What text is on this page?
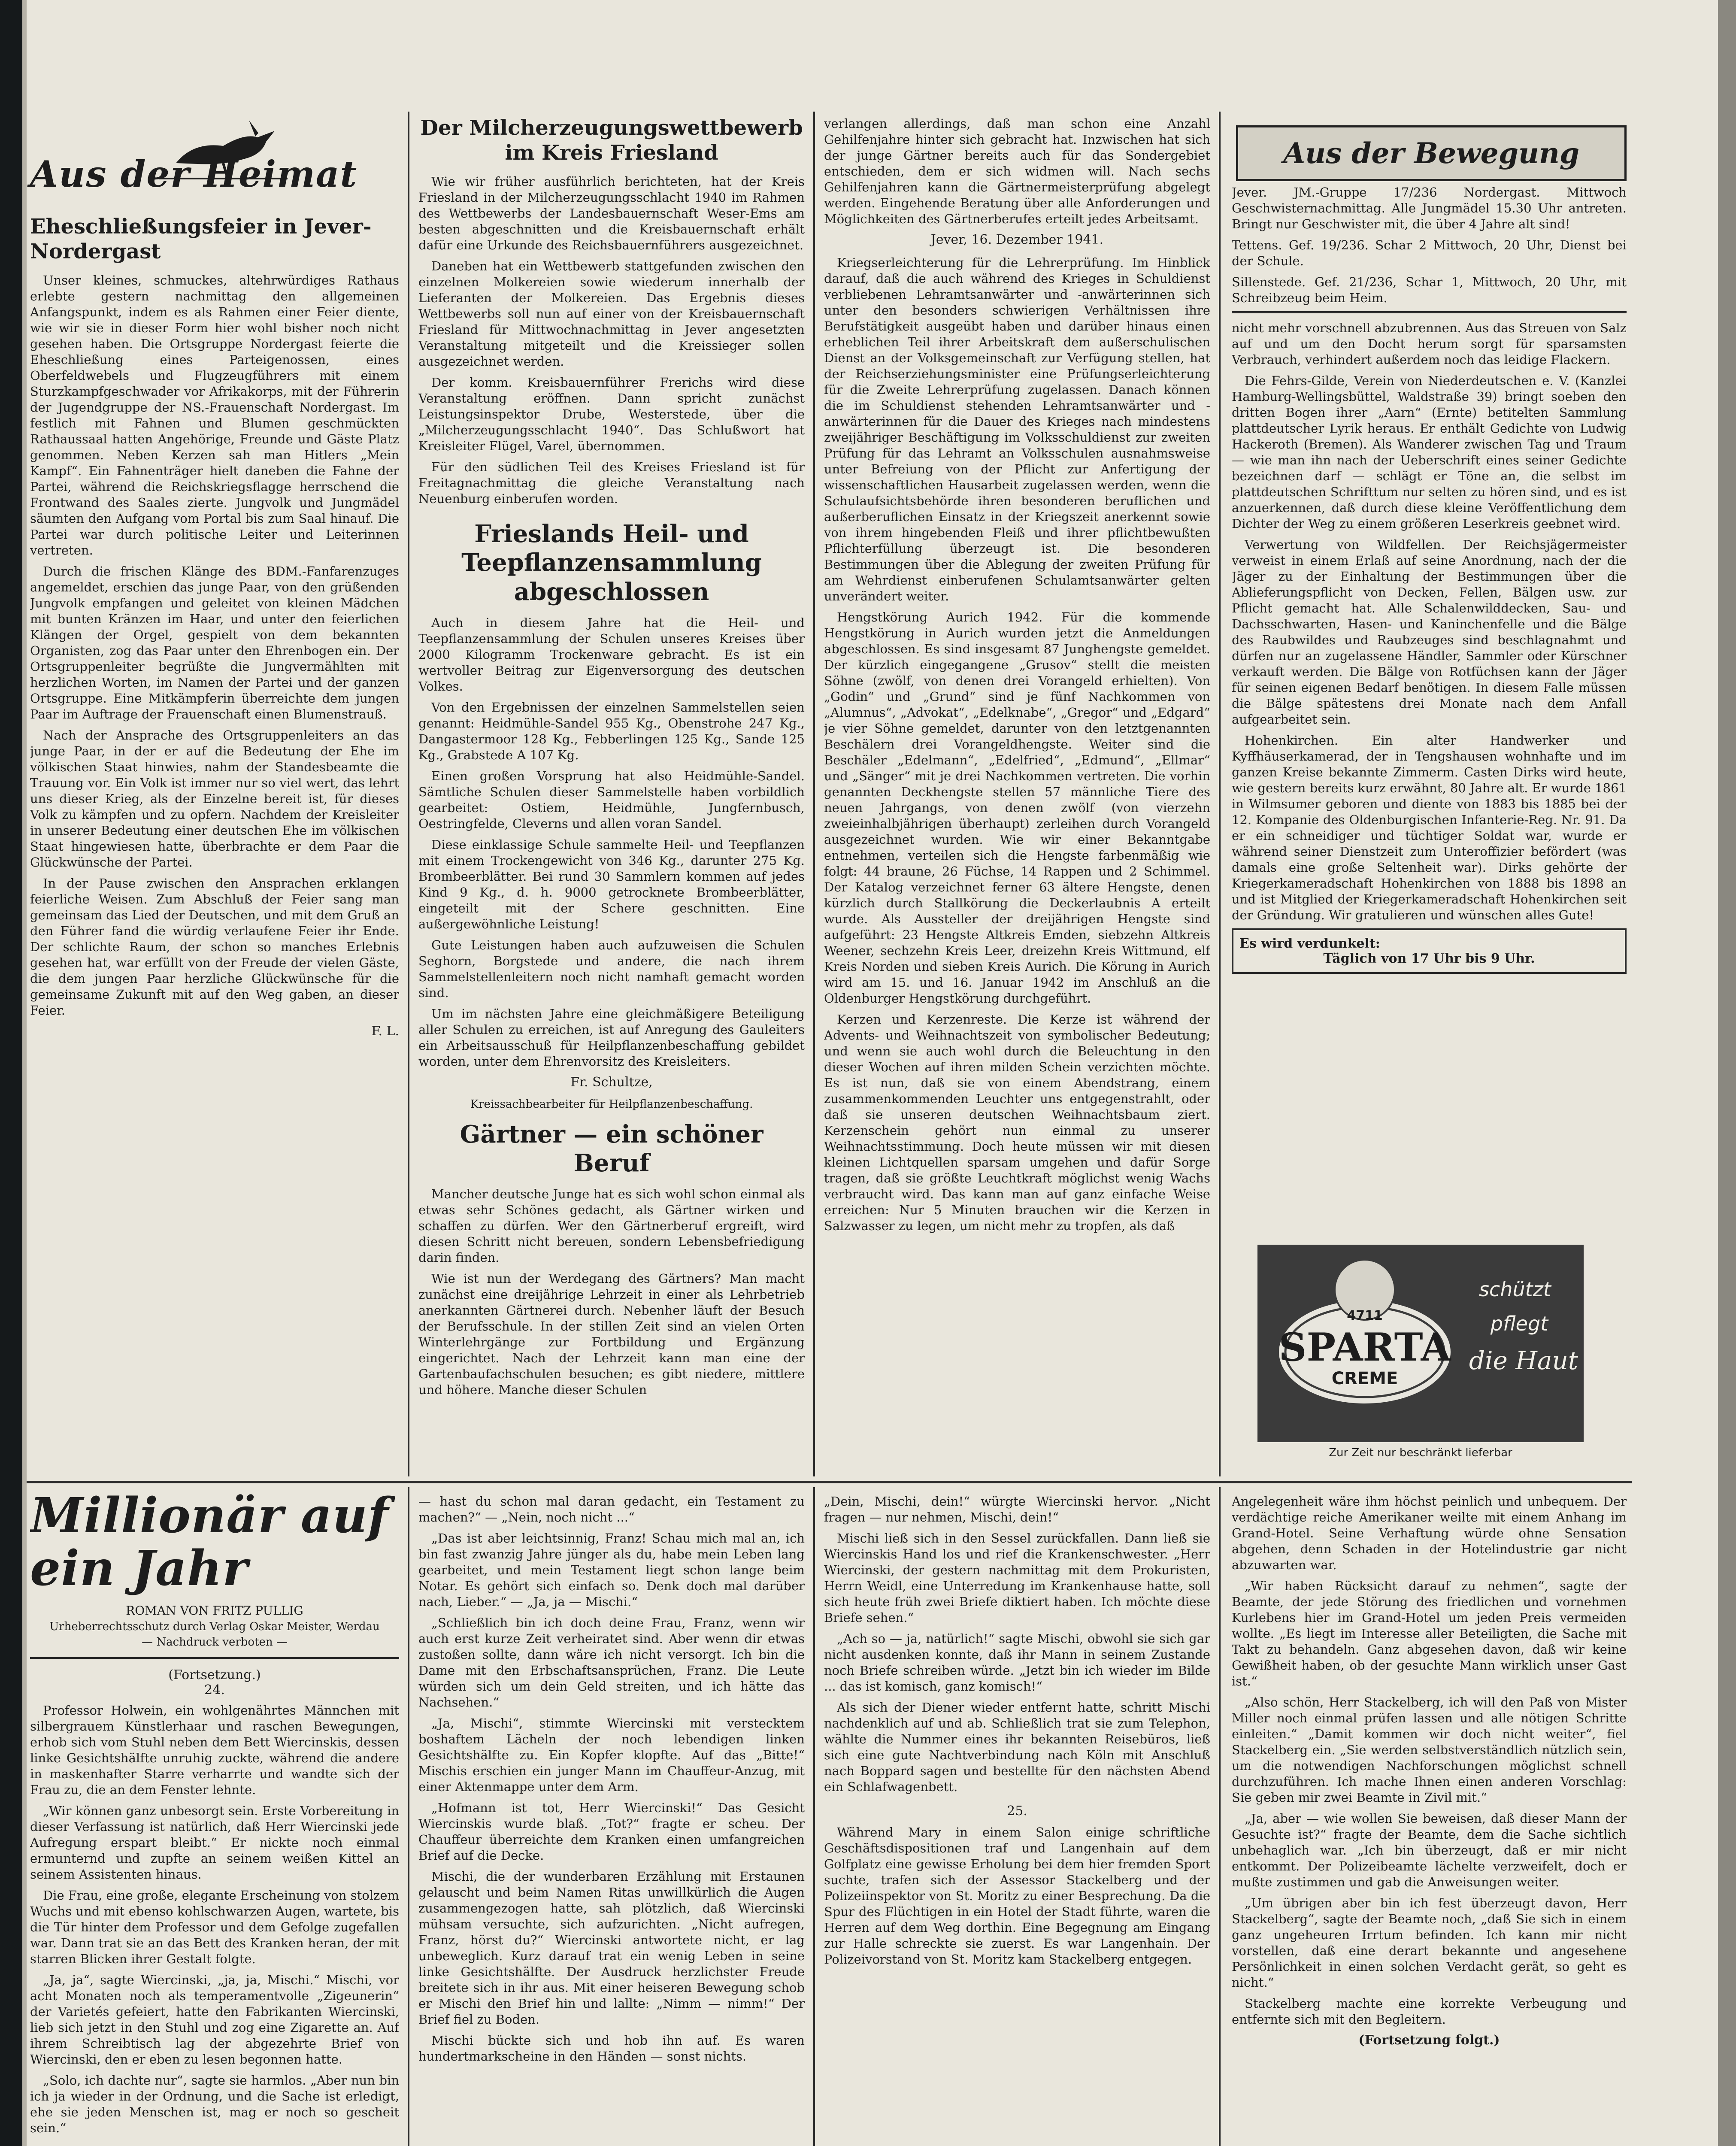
Aus der Heimat
Eheschließungsfeier in Jever-Nordergast

Unser kleines, schmuckes, altehrwürdiges Rathaus erlebte gestern nachmittag den allgemeinen Anfangspunkt, indem es als Rahmen einer Feier diente, wie wir sie in dieser Form hier wohl bisher noch nicht gesehen haben. Die Ortsgruppe Nordergast feierte die Eheschließung eines Parteigenossen, eines Oberfeldwebels und Flugzeugführers mit einem Sturzkampfgeschwader vor Afrikakorps, mit der Führerin der Jugendgruppe der NS.-Frauenschaft Nordergast. Im festlich mit Fahnen und Blumen geschmückten Rathaussaal hatten Angehörige, Freunde und Gäste Platz genommen. Neben Kerzen sah man Hitlers „Mein Kampf“. Ein Fahnenträger hielt daneben die Fahne der Partei, während die Reichskriegsflagge herrschend die Frontwand des Saales zierte. Jungvolk und Jungmädel säumten den Aufgang vom Portal bis zum Saal hinauf. Die Partei war durch politische Leiter und Leiterinnen vertreten.

Durch die frischen Klänge des BDM.-Fanfarenzuges angemeldet, erschien das junge Paar, von den grüßenden Jungvolk empfangen und geleitet von kleinen Mädchen mit bunten Kränzen im Haar, und unter den feierlichen Klängen der Orgel, gespielt von dem bekannten Organisten, zog das Paar unter den Ehrenbogen ein. Der Ortsgruppenleiter begrüßte die Jungvermählten mit herzlichen Worten, im Namen der Partei und der ganzen Ortsgruppe. Eine Mitkämpferin überreichte dem jungen Paar im Auftrage der Frauenschaft einen Blumenstrauß.

Nach der Ansprache des Ortsgruppenleiters an das junge Paar, in der er auf die Bedeutung der Ehe im völkischen Staat hinwies, nahm der Standesbeamte die Trauung vor. Ein Volk ist immer nur so viel wert, das lehrt uns dieser Krieg, als der Einzelne bereit ist, für dieses Volk zu kämpfen und zu opfern. Nachdem der Kreisleiter in unserer Bedeutung einer deutschen Ehe im völkischen Staat hingewiesen hatte, überbrachte er dem Paar die Glückwünsche der Partei.

In der Pause zwischen den Ansprachen erklangen feierliche Weisen. Zum Abschluß der Feier sang man gemeinsam das Lied der Deutschen, und mit dem Gruß an den Führer fand die würdig verlaufene Feier ihr Ende. Der schlichte Raum, der schon so manches Erlebnis gesehen hat, war erfüllt von der Freude der vielen Gäste, die dem jungen Paar herzliche Glückwünsche für die gemeinsame Zukunft mit auf den Weg gaben, an dieser Feier.

F. L.
Der Milcherzeugungswettbewerb im Kreis Friesland

Wie wir früher ausführlich berichteten, hat der Kreis Friesland in der Milcherzeugungsschlacht 1940 im Rahmen des Wettbewerbs der Landesbauernschaft Weser-Ems am besten abgeschnitten und die Kreisbauernschaft erhält dafür eine Urkunde des Reichsbauernführers ausgezeichnet.

Daneben hat ein Wettbewerb stattgefunden zwischen den einzelnen Molkereien sowie wiederum innerhalb der Lieferanten der Molkereien. Das Ergebnis dieses Wettbewerbs soll nun auf einer von der Kreisbauernschaft Friesland für Mittwochnachmittag in Jever angesetzten Veranstaltung mitgeteilt und die Kreissieger sollen ausgezeichnet werden.

Der komm. Kreisbauernführer Frerichs wird diese Veranstaltung eröffnen. Dann spricht zunächst Leistungsinspektor Drube, Westerstede, über die „Milcherzeugungsschlacht 1940“. Das Schlußwort hat Kreisleiter Flügel, Varel, übernommen.

Für den südlichen Teil des Kreises Friesland ist für Freitagnachmittag die gleiche Veranstaltung nach Neuenburg einberufen worden.

Frieslands Heil- und Teepflanzensammlung abgeschlossen

Auch in diesem Jahre hat die Heil- und Teepflanzensammlung der Schulen unseres Kreises über 2000 Kilogramm Trockenware gebracht. Es ist ein wertvoller Beitrag zur Eigenversorgung des deutschen Volkes.

Von den Ergebnissen der einzelnen Sammelstellen seien genannt: Heidmühle-Sandel 955 Kg., Obenstrohe 247 Kg., Dangastermoor 128 Kg., Febberlingen 125 Kg., Sande 125 Kg., Grabstede A 107 Kg.

Einen großen Vorsprung hat also Heidmühle-Sandel. Sämtliche Schulen dieser Sammelstelle haben vorbildlich gearbeitet: Ostiem, Heidmühle, Jungfernbusch, Oestringfelde, Cleverns und allen voran Sandel.

Diese einklassige Schule sammelte Heil- und Teepflanzen mit einem Trockengewicht von 346 Kg., darunter 275 Kg. Brombeerblätter. Bei rund 30 Sammlern kommen auf jedes Kind 9 Kg., d. h. 9000 getrocknete Brombeerblätter, eingeteilt mit der Schere geschnitten. Eine außergewöhnliche Leistung!

Gute Leistungen haben auch aufzuweisen die Schulen Seghorn, Borgstede und andere, die nach ihrem Sammelstellenleitern noch nicht namhaft gemacht worden sind.

Um im nächsten Jahre eine gleichmäßigere Beteiligung aller Schulen zu erreichen, ist auf Anregung des Gauleiters ein Arbeitsausschuß für Heilpflanzenbeschaffung gebildet worden, unter dem Ehrenvorsitz des Kreisleiters.

Fr. Schultze,
Kreissachbearbeiter für Heilpflanzenbeschaffung.
Gärtner — ein schöner Beruf

Mancher deutsche Junge hat es sich wohl schon einmal als etwas sehr Schönes gedacht, als Gärtner wirken und schaffen zu dürfen. Wer den Gärtnerberuf ergreift, wird diesen Schritt nicht bereuen, sondern Lebensbefriedigung darin finden.

Wie ist nun der Werdegang des Gärtners? Man macht zunächst eine dreijährige Lehrzeit in einer als Lehrbetrieb anerkannten Gärtnerei durch. Nebenher läuft der Besuch der Berufsschule. In der stillen Zeit sind an vielen Orten Winterlehrgänge zur Fortbildung und Ergänzung eingerichtet. Nach der Lehrzeit kann man eine der Gartenbaufachschulen besuchen; es gibt niedere, mittlere und höhere. Manche dieser Schulen

verlangen allerdings, daß man schon eine Anzahl Gehilfenjahre hinter sich gebracht hat. Inzwischen hat sich der junge Gärtner bereits auch für das Sondergebiet entschieden, dem er sich widmen will. Nach sechs Gehilfenjahren kann die Gärtnermeisterprüfung abgelegt werden. Eingehende Beratung über alle Anforderungen und Möglichkeiten des Gärtnerberufes erteilt jedes Arbeitsamt.

Jever, 16. Dezember 1941.

Kriegserleichterung für die Lehrerprüfung. Im Hinblick darauf, daß die auch während des Krieges in Schuldienst verbliebenen Lehramtsanwärter und -anwärterinnen sich unter den besonders schwierigen Verhältnissen ihre Berufstätigkeit ausgeübt haben und darüber hinaus einen erheblichen Teil ihrer Arbeitskraft dem außerschulischen Dienst an der Volksgemeinschaft zur Verfügung stellen, hat der Reichserziehungsminister eine Prüfungserleichterung für die Zweite Lehrerprüfung zugelassen. Danach können die im Schuldienst stehenden Lehramtsanwärter und -anwärterinnen für die Dauer des Krieges nach mindestens zweijähriger Beschäftigung im Volksschuldienst zur zweiten Prüfung für das Lehramt an Volksschulen ausnahmsweise unter Befreiung von der Pflicht zur Anfertigung der wissenschaftlichen Hausarbeit zugelassen werden, wenn die Schulaufsichtsbehörde ihren besonderen beruflichen und außerberuflichen Einsatz in der Kriegszeit anerkennt sowie von ihrem hingebenden Fleiß und ihrer pflichtbewußten Pflichterfüllung überzeugt ist. Die besonderen Bestimmungen über die Ablegung der zweiten Prüfung für am Wehrdienst einberufenen Schulamtsanwärter gelten unverändert weiter.

Hengstkörung Aurich 1942. Für die kommende Hengstkörung in Aurich wurden jetzt die Anmeldungen abgeschlossen. Es sind insgesamt 87 Junghengste gemeldet. Der kürzlich eingegangene „Grusov“ stellt die meisten Söhne (zwölf, von denen drei Vorangeld erhielten). Von „Godin“ und „Grund“ sind je fünf Nachkommen von „Alumnus“, „Advokat“, „Edelknabe“, „Gregor“ und „Edgard“ je vier Söhne gemeldet, darunter von den letztgenannten Beschälern drei Vorangeldhengste. Weiter sind die Beschäler „Edelmann“, „Edelfried“, „Edmund“, „Ellmar“ und „Sänger“ mit je drei Nachkommen vertreten. Die vorhin genannten Deckhengste stellen 57 männliche Tiere des neuen Jahrgangs, von denen zwölf (von vierzehn zweieinhalbjährigen überhaupt) zerleihen durch Vorangeld ausgezeichnet wurden. Wie wir einer Bekanntgabe entnehmen, verteilen sich die Hengste farbenmäßig wie folgt: 44 braune, 26 Füchse, 14 Rappen und 2 Schimmel. Der Katalog verzeichnet ferner 63 ältere Hengste, denen kürzlich durch Stallkörung die Deckerlaubnis A erteilt wurde. Als Aussteller der dreijährigen Hengste sind aufgeführt: 23 Hengste Altkreis Emden, siebzehn Altkreis Weener, sechzehn Kreis Leer, dreizehn Kreis Wittmund, elf Kreis Norden und sieben Kreis Aurich. Die Körung in Aurich wird am 15. und 16. Januar 1942 im Anschluß an die Oldenburger Hengstkörung durchgeführt.

Kerzen und Kerzenreste. Die Kerze ist während der Advents- und Weihnachtszeit von symbolischer Bedeutung; und wenn sie auch wohl durch die Beleuchtung in den dieser Wochen auf ihren milden Schein verzichten möchte. Es ist nun, daß sie von einem Abendstrang, einem zusammenkommenden Leuchter uns entgegenstrahlt, oder daß sie unseren deutschen Weihnachtsbaum ziert. Kerzenschein gehört nun einmal zu unserer Weihnachtsstimmung. Doch heute müssen wir mit diesen kleinen Lichtquellen sparsam umgehen und dafür Sorge tragen, daß sie größte Leuchtkraft möglichst wenig Wachs verbraucht wird. Das kann man auf ganz einfache Weise erreichen: Nur 5 Minuten brauchen wir die Kerzen in Salzwasser zu legen, um nicht mehr zu tropfen, als daß

Aus der Bewegung

Jever. JM.-Gruppe 17/236 Nordergast. Mittwoch Geschwisternachmittag. Alle Jungmädel 15.30 Uhr antreten. Bringt nur Geschwister mit, die über 4 Jahre alt sind!

Tettens. Gef. 19/236. Schar 2 Mittwoch, 20 Uhr, Dienst bei der Schule.

Sillenstede. Gef. 21/236, Schar 1, Mittwoch, 20 Uhr, mit Schreibzeug beim Heim.

nicht mehr vorschnell abzubrennen. Aus das Streuen von Salz auf und um den Docht herum sorgt für sparsamsten Verbrauch, verhindert außerdem noch das leidige Flackern.

Die Fehrs-Gilde, Verein von Niederdeutschen e. V. (Kanzlei Hamburg-Wellingsbüttel, Waldstraße 39) bringt soeben den dritten Bogen ihrer „Aarn“ (Ernte) betitelten Sammlung plattdeutscher Lyrik heraus. Er enthält Gedichte von Ludwig Hackeroth (Bremen). Als Wanderer zwischen Tag und Traum — wie man ihn nach der Ueberschrift eines seiner Gedichte bezeichnen darf — schlägt er Töne an, die selbst im plattdeutschen Schrifttum nur selten zu hören sind, und es ist anzuerkennen, daß durch diese kleine Veröffentlichung dem Dichter der Weg zu einem größeren Leserkreis geebnet wird.

Verwertung von Wildfellen. Der Reichsjägermeister verweist in einem Erlaß auf seine Anordnung, nach der die Jäger zu der Einhaltung der Bestimmungen über die Ablieferungspflicht von Decken, Fellen, Bälgen usw. zur Pflicht gemacht hat. Alle Schalenwilddecken, Sau- und Dachsschwarten, Hasen- und Kaninchenfelle und die Bälge des Raubwildes und Raubzeuges sind beschlagnahmt und dürfen nur an zugelassene Händler, Sammler oder Kürschner verkauft werden. Die Bälge von Rotfüchsen kann der Jäger für seinen eigenen Bedarf benötigen. In diesem Falle müssen die Bälge spätestens drei Monate nach dem Anfall aufgearbeitet sein.

Hohenkirchen. Ein alter Handwerker und Kyffhäuserkamerad, der in Tengshausen wohnhafte und im ganzen Kreise bekannte Zimmerm. Casten Dirks wird heute, wie gestern bereits kurz erwähnt, 80 Jahre alt. Er wurde 1861 in Wilmsumer geboren und diente von 1883 bis 1885 bei der 12. Kompanie des Oldenburgischen Infanterie-Reg. Nr. 91. Da er ein schneidiger und tüchtiger Soldat war, wurde er während seiner Dienstzeit zum Unteroffizier befördert (was damals eine große Seltenheit war). Dirks gehörte der Kriegerkameradschaft Hohenkirchen von 1888 bis 1898 an und ist Mitglied der Kriegerkameradschaft Hohenkirchen seit der Gründung. Wir gratulieren und wünschen alles Gute!

Es wird verdunkelt:
Täglich von 17 Uhr bis 9 Uhr.
4711
SPARTA
CREME
schützt
pflegt
die Haut
Zur Zeit nur beschränkt lieferbar
Millionär auf ein Jahr
ROMAN VON FRITZ PULLIG
Urheberrechtsschutz durch Verlag Oskar Meister, Werdau
— Nachdruck verboten —
(Fortsetzung.)
24.

Professor Holwein, ein wohlgenährtes Männchen mit silbergrauem Künstlerhaar und raschen Bewegungen, erhob sich vom Stuhl neben dem Bett Wiercinskis, dessen linke Gesichtshälfte unruhig zuckte, während die andere in maskenhafter Starre verharrte und wandte sich der Frau zu, die an dem Fenster lehnte.

„Wir können ganz unbesorgt sein. Erste Vorbereitung in dieser Verfassung ist natürlich, daß Herr Wiercinski jede Aufregung erspart bleibt.“ Er nickte noch einmal ermunternd und zupfte an seinem weißen Kittel an seinem Assistenten hinaus.

Die Frau, eine große, elegante Erscheinung von stolzem Wuchs und mit ebenso kohlschwarzen Augen, wartete, bis die Tür hinter dem Professor und dem Gefolge zugefallen war. Dann trat sie an das Bett des Kranken heran, der mit starren Blicken ihrer Gestalt folgte.

„Ja, ja“, sagte Wiercinski, „ja, ja, Mischi.“ Mischi, vor acht Monaten noch als temperamentvolle „Zigeunerin“ der Varietés gefeiert, hatte den Fabrikanten Wiercinski, lieb sich jetzt in den Stuhl und zog eine Zigarette an. Auf ihrem Schreibtisch lag der abgezehrte Brief von Wiercinski, den er eben zu lesen begonnen hatte.

„Solo, ich dachte nur“, sagte sie harmlos. „Aber nun bin ich ja wieder in der Ordnung, und die Sache ist erledigt, ehe sie jeden Menschen ist, mag er noch so gescheit sein.“

— hast du schon mal daran gedacht, ein Testament zu machen?“ — „Nein, noch nicht ...“

„Das ist aber leichtsinnig, Franz! Schau mich mal an, ich bin fast zwanzig Jahre jünger als du, habe mein Leben lang gearbeitet, und mein Testament liegt schon lange beim Notar. Es gehört sich einfach so. Denk doch mal darüber nach, Lieber.“ — „Ja, ja — Mischi.“

„Schließlich bin ich doch deine Frau, Franz, wenn wir auch erst kurze Zeit verheiratet sind. Aber wenn dir etwas zustoßen sollte, dann wäre ich nicht versorgt. Ich bin die Dame mit den Erbschaftsansprüchen, Franz. Die Leute würden sich um dein Geld streiten, und ich hätte das Nachsehen.“

„Ja, Mischi“, stimmte Wiercinski mit verstecktem boshaftem Lächeln der noch lebendigen linken Gesichtshälfte zu. Ein Kopfer klopfte. Auf das „Bitte!“ Mischis erschien ein junger Mann im Chauffeur-Anzug, mit einer Aktenmappe unter dem Arm.

„Hofmann ist tot, Herr Wiercinski!“ Das Gesicht Wiercinskis wurde blaß. „Tot?“ fragte er scheu. Der Chauffeur überreichte dem Kranken einen umfangreichen Brief auf die Decke.

Mischi, die der wunderbaren Erzählung mit Erstaunen gelauscht und beim Namen Ritas unwillkürlich die Augen zusammengezogen hatte, sah plötzlich, daß Wiercinski mühsam versuchte, sich aufzurichten. „Nicht aufregen, Franz, hörst du?“ Wiercinski antwortete nicht, er lag unbeweglich. Kurz darauf trat ein wenig Leben in seine linke Gesichtshälfte. Der Ausdruck herzlichster Freude breitete sich in ihr aus. Mit einer heiseren Bewegung schob er Mischi den Brief hin und lallte: „Nimm — nimm!“ Der Brief fiel zu Boden.

Mischi bückte sich und hob ihn auf. Es waren hundertmarkscheine in den Händen — sonst nichts.

„Dein, Mischi, dein!“ würgte Wiercinski hervor. „Nicht fragen — nur nehmen, Mischi, dein!“

Mischi ließ sich in den Sessel zurückfallen. Dann ließ sie Wiercinskis Hand los und rief die Krankenschwester. „Herr Wiercinski, der gestern nachmittag mit dem Prokuristen, Herrn Weidl, eine Unterredung im Krankenhause hatte, soll sich heute früh zwei Briefe diktiert haben. Ich möchte diese Briefe sehen.“

„Ach so — ja, natürlich!“ sagte Mischi, obwohl sie sich gar nicht ausdenken konnte, daß ihr Mann in seinem Zustande noch Briefe schreiben würde. „Jetzt bin ich wieder im Bilde ... das ist komisch, ganz komisch!“

Als sich der Diener wieder entfernt hatte, schritt Mischi nachdenklich auf und ab. Schließlich trat sie zum Telephon, wählte die Nummer eines ihr bekannten Reisebüros, ließ sich eine gute Nachtverbindung nach Köln mit Anschluß nach Boppard sagen und bestellte für den nächsten Abend ein Schlafwagenbett.

25.

Während Mary in einem Salon einige schriftliche Geschäftsdispositionen traf und Langenhain auf dem Golfplatz eine gewisse Erholung bei dem hier fremden Sport suchte, trafen sich der Assessor Stackelberg und der Polizeiinspektor von St. Moritz zu einer Besprechung. Da die Spur des Flüchtigen in ein Hotel der Stadt führte, waren die Herren auf dem Weg dorthin. Eine Begegnung am Eingang zur Halle schreckte sie zuerst. Es war Langenhain. Der Polizeivorstand von St. Moritz kam Stackelberg entgegen.

Angelegenheit wäre ihm höchst peinlich und unbequem. Der verdächtige reiche Amerikaner weilte mit einem Anhang im Grand-Hotel. Seine Verhaftung würde ohne Sensation abgehen, denn Schaden in der Hotelindustrie gar nicht abzuwarten war.

„Wir haben Rücksicht darauf zu nehmen“, sagte der Beamte, der jede Störung des friedlichen und vornehmen Kurlebens hier im Grand-Hotel um jeden Preis vermeiden wollte. „Es liegt im Interesse aller Beteiligten, die Sache mit Takt zu behandeln. Ganz abgesehen davon, daß wir keine Gewißheit haben, ob der gesuchte Mann wirklich unser Gast ist.“

„Also schön, Herr Stackelberg, ich will den Paß von Mister Miller noch einmal prüfen lassen und alle nötigen Schritte einleiten.“ „Damit kommen wir doch nicht weiter“, fiel Stackelberg ein. „Sie werden selbstverständlich nützlich sein, um die notwendigen Nachforschungen möglichst schnell durchzuführen. Ich mache Ihnen einen anderen Vorschlag: Sie geben mir zwei Beamte in Zivil mit.“

„Ja, aber — wie wollen Sie beweisen, daß dieser Mann der Gesuchte ist?“ fragte der Beamte, dem die Sache sichtlich unbehaglich war. „Ich bin überzeugt, daß er mir nicht entkommt. Der Polizeibeamte lächelte verzweifelt, doch er mußte zustimmen und gab die Anweisungen weiter.

„Um übrigen aber bin ich fest überzeugt davon, Herr Stackelberg“, sagte der Beamte noch, „daß Sie sich in einem ganz ungeheuren Irrtum befinden. Ich kann mir nicht vorstellen, daß eine derart bekannte und angesehene Persönlichkeit in einen solchen Verdacht gerät, so geht es nicht.“

Stackelberg machte eine korrekte Verbeugung und entfernte sich mit den Begleitern.

(Fortsetzung folgt.)
